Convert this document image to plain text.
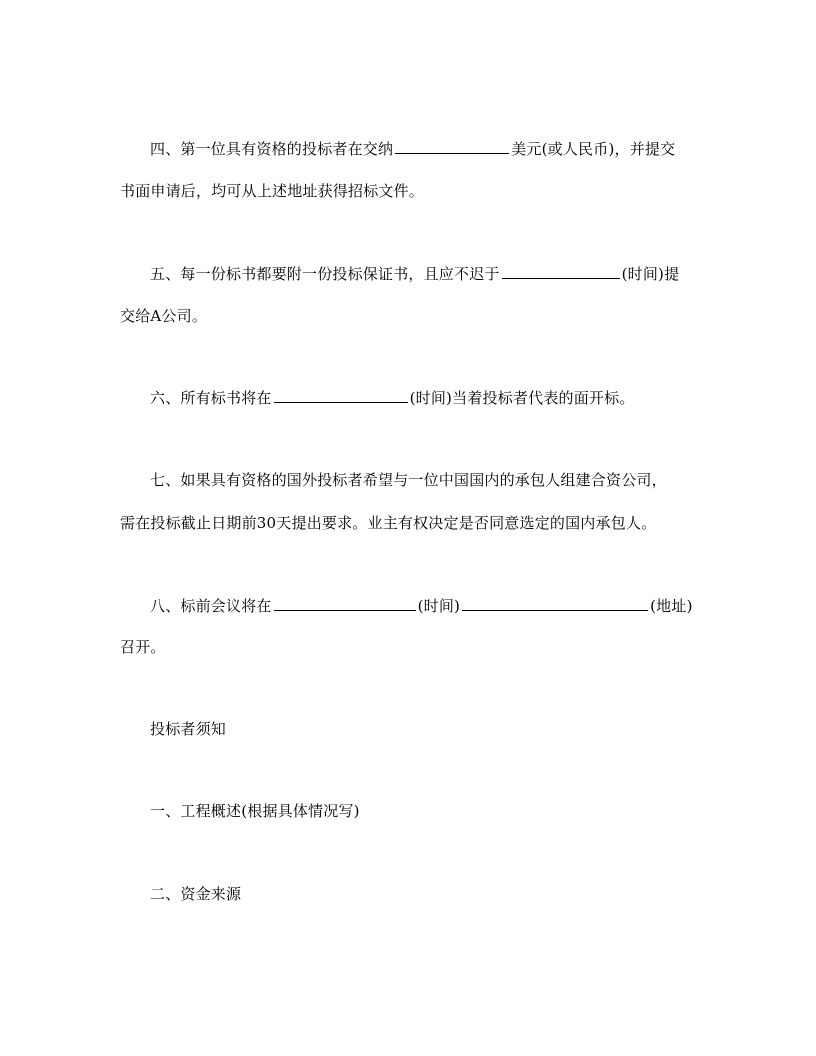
四、第一位具有资格的投标者在交纳	美元(或人民币)，并提交
书面申请后，均可从上述地址获得招标文件。
五、每一份标书都要附一份投标保证书，且应不迟于	(时间)提
交给A公司。
六、所有标书将在	(时间)当着投标者代表的面开标。
七、如果具有资格的国外投标者希望与一位中国国内的承包人组建合资公司，
需在投标截止日期前30天提出要求。业主有权决定是否同意选定的国内承包人。
八、标前会议将在	(时间)	(地址)
召开。
投标者须知
一、工程概述(根据具体情况写)
二、资金来源
